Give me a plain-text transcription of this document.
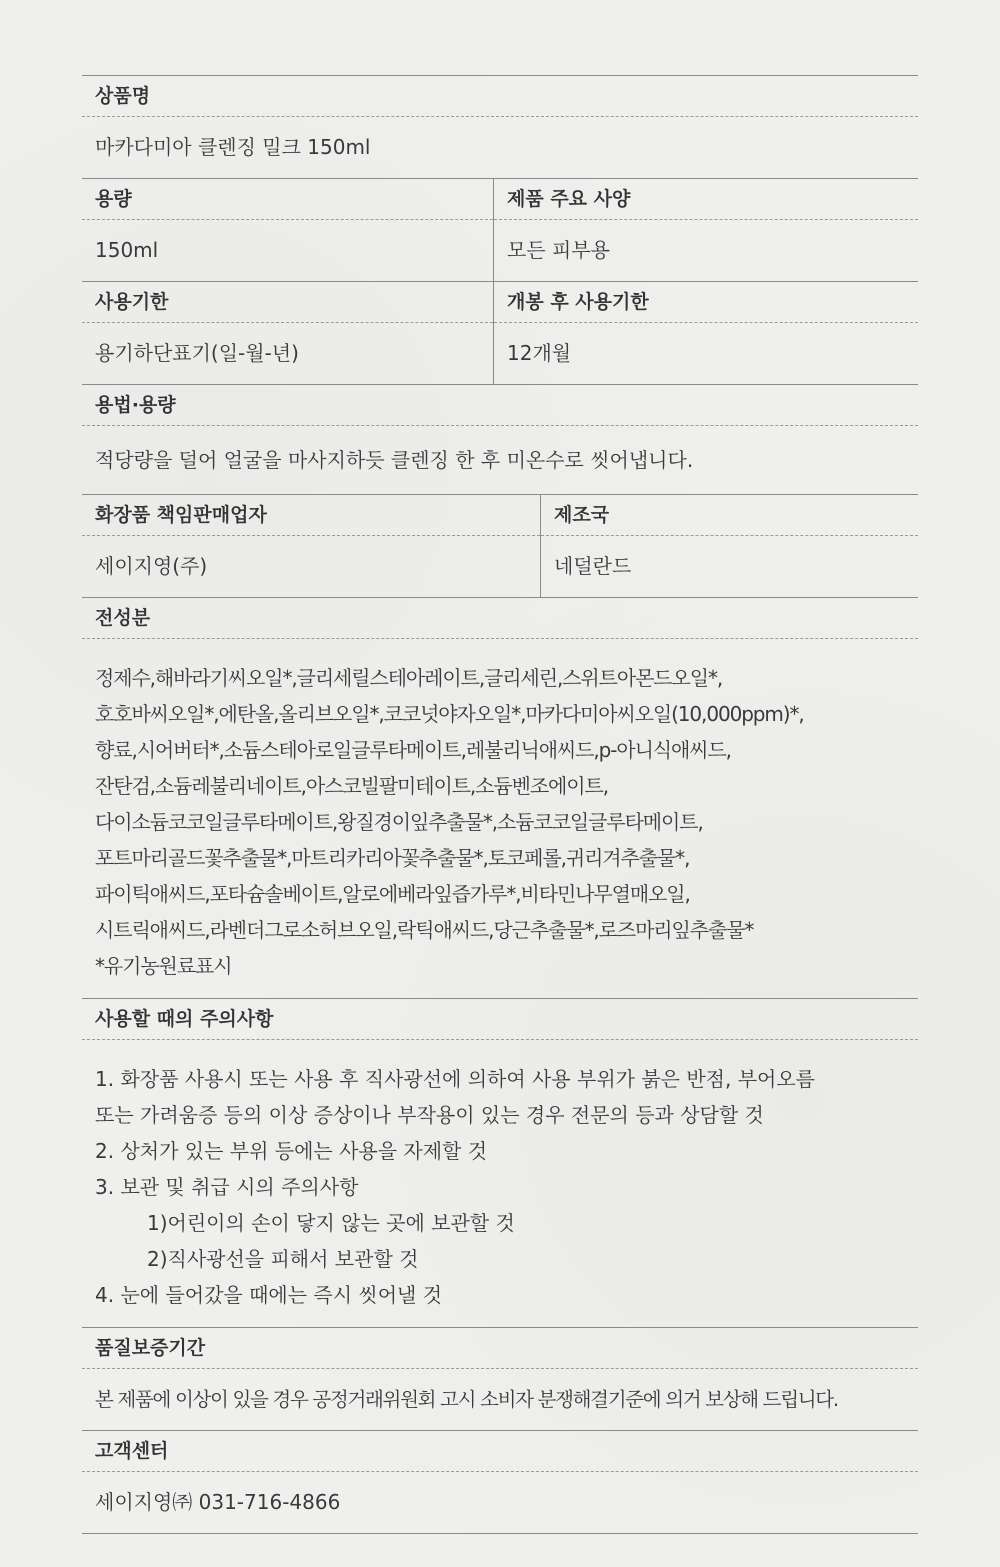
상품명
마카다미아 클렌징 밀크 150ml
용량
150ml
제품 주요 사양
모든 피부용
사용기한
용기하단표기(일-월-년)
개봉 후 사용기한
12개월
용법·용량
적당량을 덜어 얼굴을 마사지하듯 클렌징 한 후 미온수로 씻어냅니다.
화장품 책임판매업자
세이지영(주)
제조국
네덜란드
전성분
정제수,해바라기씨오일*,글리세릴스테아레이트,글리세린,스위트아몬드오일*,
호호바씨오일*,에탄올,올리브오일*,코코넛야자오일*,마카다미아씨오일(10,000ppm)*,
향료,시어버터*,소듐스테아로일글루타메이트,레불리닉애씨드,p-아니식애씨드,
잔탄검,소듐레불리네이트,아스코빌팔미테이트,소듐벤조에이트,
다이소듐코코일글루타메이트,왕질경이잎추출물*,소듐코코일글루타메이트,
포트마리골드꽃추출물*,마트리카리아꽃추출물*,토코페롤,귀리겨추출물*,
파이틱애씨드,포타슘솔베이트,알로에베라잎즙가루*,비타민나무열매오일,
시트릭애씨드,라벤더그로소허브오일,락틱애씨드,당근추출물*,로즈마리잎추출물*
*유기농원료표시
사용할 때의 주의사항
1. 화장품 사용시 또는 사용 후 직사광선에 의하여 사용 부위가 붉은 반점, 부어오름
또는 가려움증 등의 이상 증상이나 부작용이 있는 경우 전문의 등과 상담할 것
2. 상처가 있는 부위 등에는 사용을 자제할 것
3. 보관 및 취급 시의 주의사항
1)어린이의 손이 닿지 않는 곳에 보관할 것
2)직사광선을 피해서 보관할 것
4. 눈에 들어갔을 때에는 즉시 씻어낼 것
품질보증기간
본 제품에 이상이 있을 경우 공정거래위원회 고시 소비자 분쟁해결기준에 의거 보상해 드립니다.
고객센터
세이지영㈜ 031-716-4866
